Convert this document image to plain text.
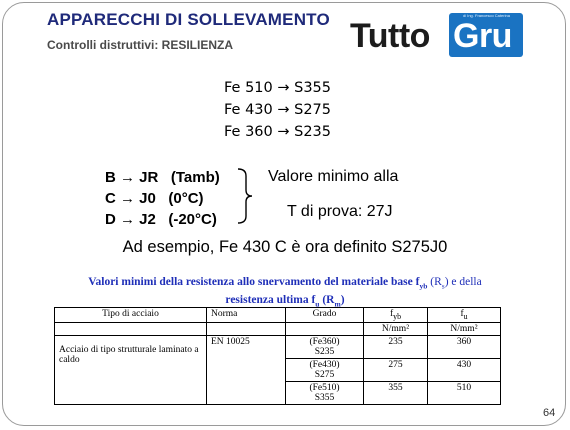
APPARECCHI DI SOLLEVAMENTO
Controlli distruttivi: RESILIENZA	Tutto Gru
di Ing. Francesco Caterina
Fe 510 → S355
Fe 430 → S275
Fe 360 → S235
B → JR   (Tamb)
C → J0   (0°C)
D → J2   (-20°C)
Valore minimo alla
T di prova: 27J
Ad esempio, Fe 430 C è ora definito S275J0
Valori minimi della resistenza allo snervamento del materiale base $f_{yb}$ $(R_s)$ e della
resistenza ultima $f_u$ $(R_m)$
Tipo di acciaio	Norma	Grado	$f_{yb}$	$f_u$
			N/mm²	N/mm²

Acciaio di tipo strutturale laminato a caldo	EN 10025	(Fe360)
S235	235	360

		(Fe430)
S275	275	430

		(Fe510)
S355	355	510
64
